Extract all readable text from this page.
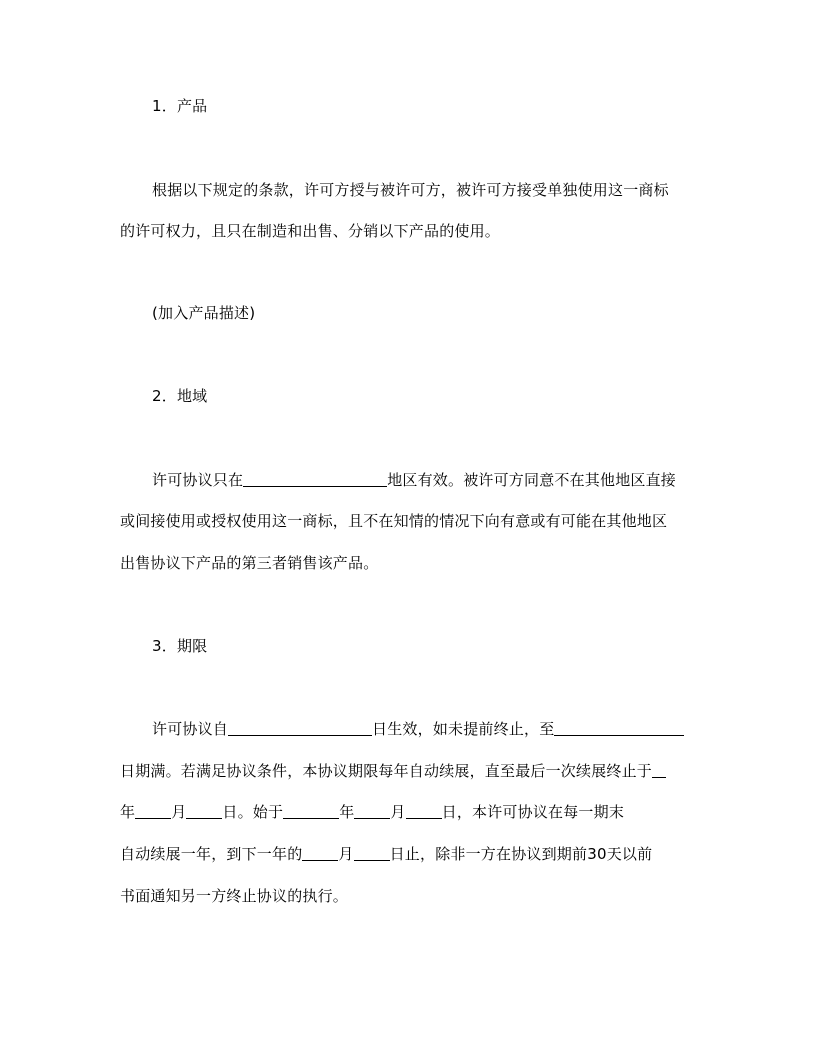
1．产品
根据以下规定的条款，许可方授与被许可方，被许可方接受单独使用这一商标
的许可权力，且只在制造和出售、分销以下产品的使用。
(加入产品描述)
2．地域
许可协议只在	地区有效。被许可方同意不在其他地区直接
或间接使用或授权使用这一商标，且不在知情的情况下向有意或有可能在其他地区
出售协议下产品的第三者销售该产品。
3．期限
许可协议自	日生效，如未提前终止，至
日期满。若满足协议条件，本协议期限每年自动续展，直至最后一次续展终止于
年 月 日。始于	年 月 日，本许可协议在每一期末
自动续展一年，到下一年的 月 日止，除非一方在协议到期前30天以前
书面通知另一方终止协议的执行。
